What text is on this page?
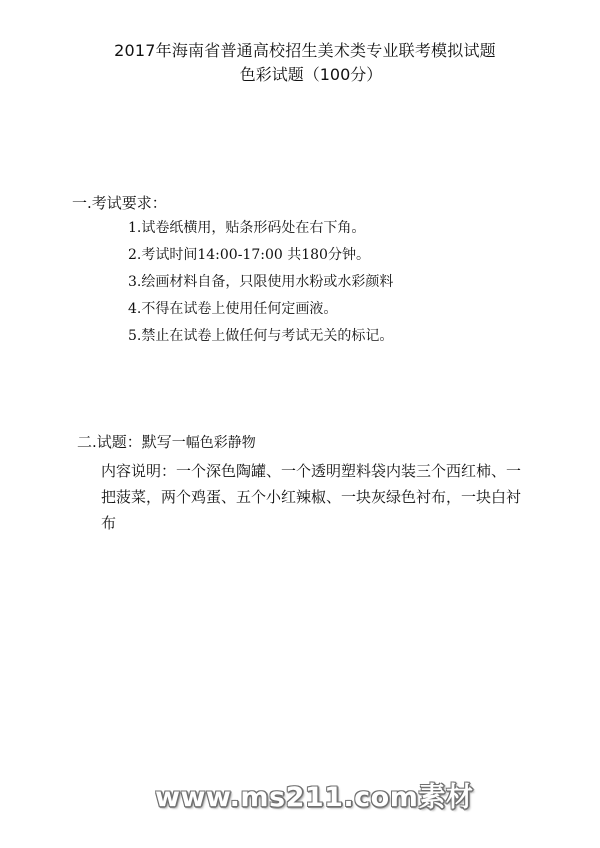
2017年海南省普通高校招生美术类专业联考模拟试题
色彩试题（100分）
一.考试要求：
1.试卷纸横用，贴条形码处在右下角。
2.考试时间14:00-17:00 共180分钟。
3.绘画材料自备，只限使用水粉或水彩颜料
4.不得在试卷上使用任何定画液。
5.禁止在试卷上做任何与考试无关的标记。
二.试题：默写一幅色彩静物
内容说明：一个深色陶罐、一个透明塑料袋内装三个西红柿、一把菠菜，两个鸡蛋、五个小红辣椒、一块灰绿色衬布，一块白衬布
www.ms211.com素材
